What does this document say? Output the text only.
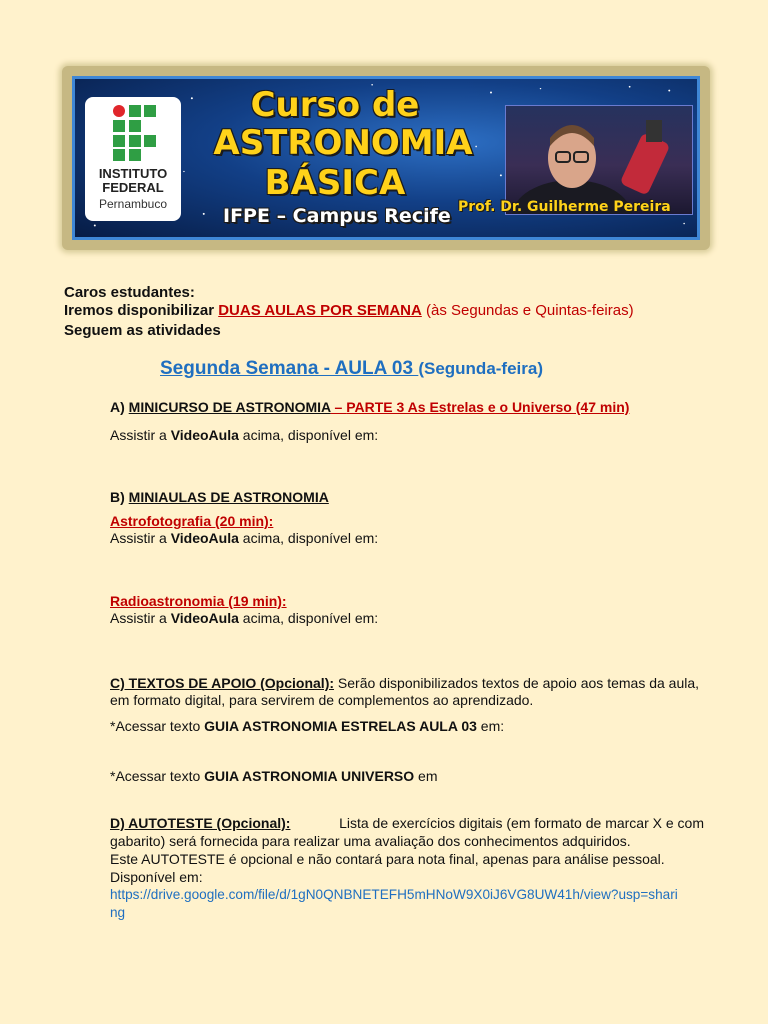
INSTITUTO
FEDERAL
Pernambuco
Curso de
ASTRONOMIA
BÁSICA
IFPE – Campus Recife Prof. Dr. Guilherme Pereira
Caros estudantes:
Iremos disponibilizar DUAS AULAS POR SEMANA (às Segundas e Quintas-feiras)
Seguem as atividades
Segunda Semana - AULA 03 (Segunda-feira)
A) MINICURSO DE ASTRONOMIA – PARTE 3 As Estrelas e o Universo (47 min)
Assistir a VideoAula acima, disponível em:
B) MINIAULAS DE ASTRONOMIA
Astrofotografia (20 min):
Assistir a VideoAula acima, disponível em:
Radioastronomia (19 min):
Assistir a VideoAula acima, disponível em:
C) TEXTOS DE APOIO (Opcional): Serão disponibilizados textos de apoio aos temas da aula,
em formato digital, para servirem de complementos ao aprendizado.
*Acessar texto GUIA ASTRONOMIA ESTRELAS AULA 03 em:
*Acessar texto GUIA ASTRONOMIA UNIVERSO em
D) AUTOTESTE (Opcional):	Lista de exercícios digitais (em formato de marcar X e com
gabarito) será fornecida para realizar uma avaliação dos conhecimentos adquiridos.
Este AUTOTESTE é opcional e não contará para nota final, apenas para análise pessoal.
Disponível em:
https://drive.google.com/file/d/1gN0QNBNETEFH5mHNoW9X0iJ6VG8UW41h/view?usp=shari
ng
